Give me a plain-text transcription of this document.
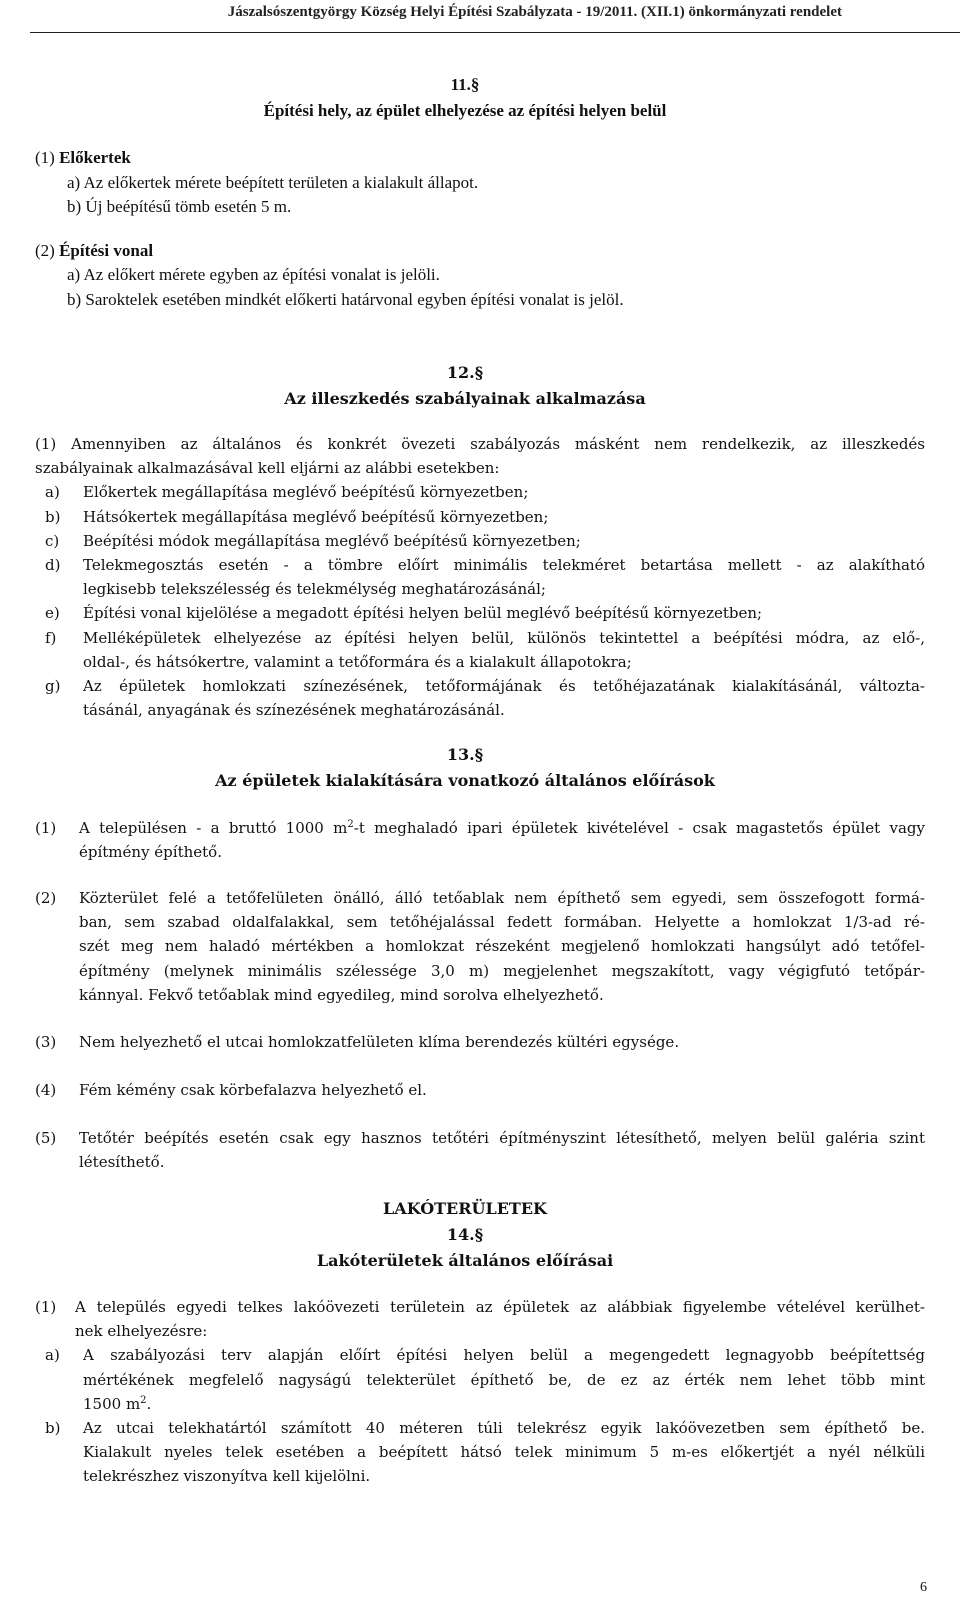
Jászalsószentgyörgy Község Helyi Építési Szabályzata - 19/2011. (XII.1) önkormányzati rendelet
11.§
Építési hely, az épület elhelyezése az építési helyen belül
(1) Előkertek
a) Az előkertek mérete beépített területen a kialakult állapot.
b) Új beépítésű tömb esetén 5 m.
(2) Építési vonal
a) Az előkert mérete egyben az építési vonalat is jelöli.
b) Saroktelek esetében mindkét előkerti határvonal egyben építési vonalat is jelöl.
12.§
Az illeszkedés szabályainak alkalmazása
(1) Amennyiben az általános és konkrét övezeti szabályozás másként nem rendelkezik, az illeszkedés
szabályainak alkalmazásával kell eljárni az alábbi esetekben:
a)	Előkertek megállapítása meglévő beépítésű környezetben;
b)	Hátsókertek megállapítása meglévő beépítésű környezetben;
c)	Beépítési módok megállapítása meglévő beépítésű környezetben;
d)	Telekmegosztás esetén - a tömbre előírt minimális telekméret betartása mellett - az alakítható
legkisebb telekszélesség és telekmélység meghatározásánál;
e)	Építési vonal kijelölése a megadott építési helyen belül meglévő beépítésű környezetben;
f)	Melléképületek elhelyezése az építési helyen belül, különös tekintettel a beépítési módra, az elő-,
oldal-, és hátsókertre, valamint a tetőformára és a kialakult állapotokra;
g)	Az épületek homlokzati színezésének, tetőformájának és tetőhéjazatának kialakításánál, változta-
tásánál, anyagának és színezésének meghatározásánál.
13.§
Az épületek kialakítására vonatkozó általános előírások
(1)	A településen - a bruttó 1000 $m^2-t$ meghaladó ipari épületek kivételével - csak magastetős épület vagy
építmény építhető.
(2)	Közterület felé a tetőfelületen önálló, álló tetőablak nem építhető sem egyedi, sem összefogott formá-
ban, sem szabad oldalfalakkal, sem tetőhéjalással fedett formában. Helyette a homlokzat 1/3-ad ré-
szét meg nem haladó mértékben a homlokzat részeként megjelenő homlokzati hangsúlyt adó tetőfel-
építmény (melynek minimális szélessége 3,0 m) megjelenhet megszakított, vagy végigfutó tetőpár-
kánnyal. Fekvő tetőablak mind egyedileg, mind sorolva elhelyezhető.
(3)	Nem helyezhető el utcai homlokzatfelületen klíma berendezés kültéri egysége.
(4)	Fém kémény csak körbefalazva helyezhető el.
(5)	Tetőtér beépítés esetén csak egy hasznos tetőtéri építményszint létesíthető, melyen belül galéria szint
létesíthető.
LAKÓTERÜLETEK
14.§
Lakóterületek általános előírásai
(1)	A település egyedi telkes lakóövezeti területein az épületek az alábbiak figyelembe vételével kerülhet-
nek elhelyezésre:
a)	A szabályozási terv alapján előírt építési helyen belül a megengedett legnagyobb beépítettség
mértékének megfelelő nagyságú telekterület építhető be, de ez az érték nem lehet több mint
1500 $m^2$.
b)	Az utcai telekhatártól számított 40 méteren túli telekrész egyik lakóövezetben sem építhető be.
Kialakult nyeles telek esetében a beépített hátsó telek minimum 5 m-es előkertjét a nyél nélküli
telekrészhez viszonyítva kell kijelölni.
6
